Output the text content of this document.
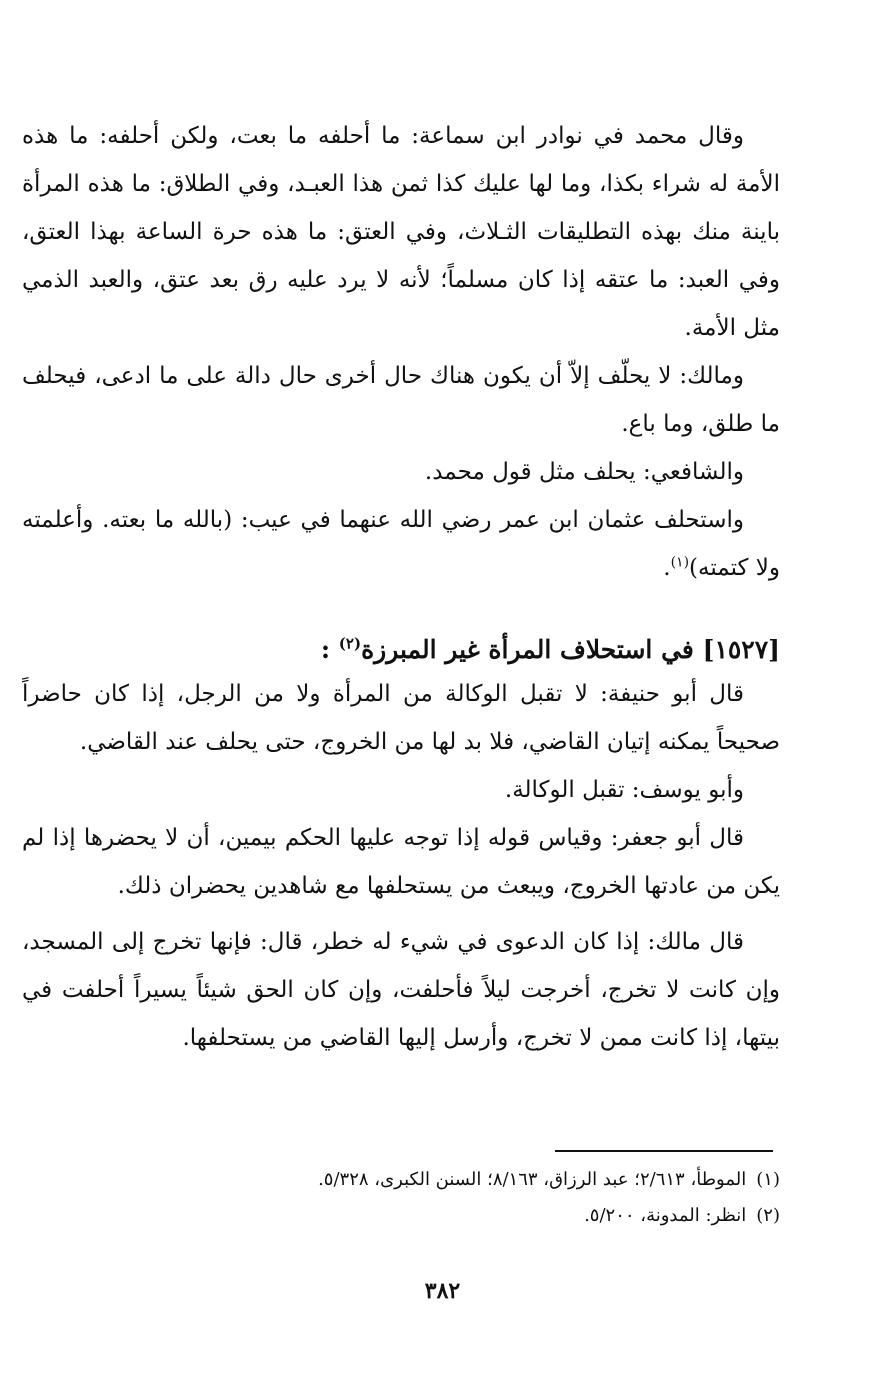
وقال محمد في نوادر ابن سماعة: ما أحلفه ما بعت، ولكن أحلفه: ما هذه الأمة له شراء بكذا، وما لها عليك كذا ثمن هذا العبـد، وفي الطلاق: ما هذه المرأة باينة منك بهذه التطليقات الثـلاث، وفي العتق: ما هذه حرة الساعة بهذا العتق، وفي العبد: ما عتقه إذا كان مسلماً؛ لأنه لا يرد عليه رق بعد عتق، والعبد الذمي مثل الأمة.

ومالك: لا يحلّف إلاّ أن يكون هناك حال أخرى حال دالة على ما ادعى، فيحلف ما طلق، وما باع.

والشافعي: يحلف مثل قول محمد.

واستحلف عثمان ابن عمر رضي الله عنهما في عيب: (بالله ما بعته. وأعلمته ولا كتمته)$^{(١)}$.

[١٥٢٧] في استحلاف المرأة غير المبرزة$^{(٢)}$ :

قال أبو حنيفة: لا تقبل الوكالة من المرأة ولا من الرجل، إذا كان حاضراً صحيحاً يمكنه إتيان القاضي، فلا بد لها من الخروج، حتى يحلف عند القاضي.

وأبو يوسف: تقبل الوكالة.

قال أبو جعفر: وقياس قوله إذا توجه عليها الحكم بيمين، أن لا يحضرها إذا لم يكن من عادتها الخروج، ويبعث من يستحلفها مع شاهدين يحضران ذلك.

قال مالك: إذا كان الدعوى في شيء له خطر، قال: فإنها تخرج إلى المسجد، وإن كانت لا تخرج، أخرجت ليلاً فأحلفت، وإن كان الحق شيئاً يسيراً أحلفت في بيتها، إذا كانت ممن لا تخرج، وأرسل إليها القاضي من يستحلفها.

(١)الموطأ، ٢/٦١٣؛ عبد الرزاق، ٨/١٦٣؛ السنن الكبرى، ٥/٣٢٨.

(٢)انظر: المدونة، ٥/٢٠٠.

٣٨٢
